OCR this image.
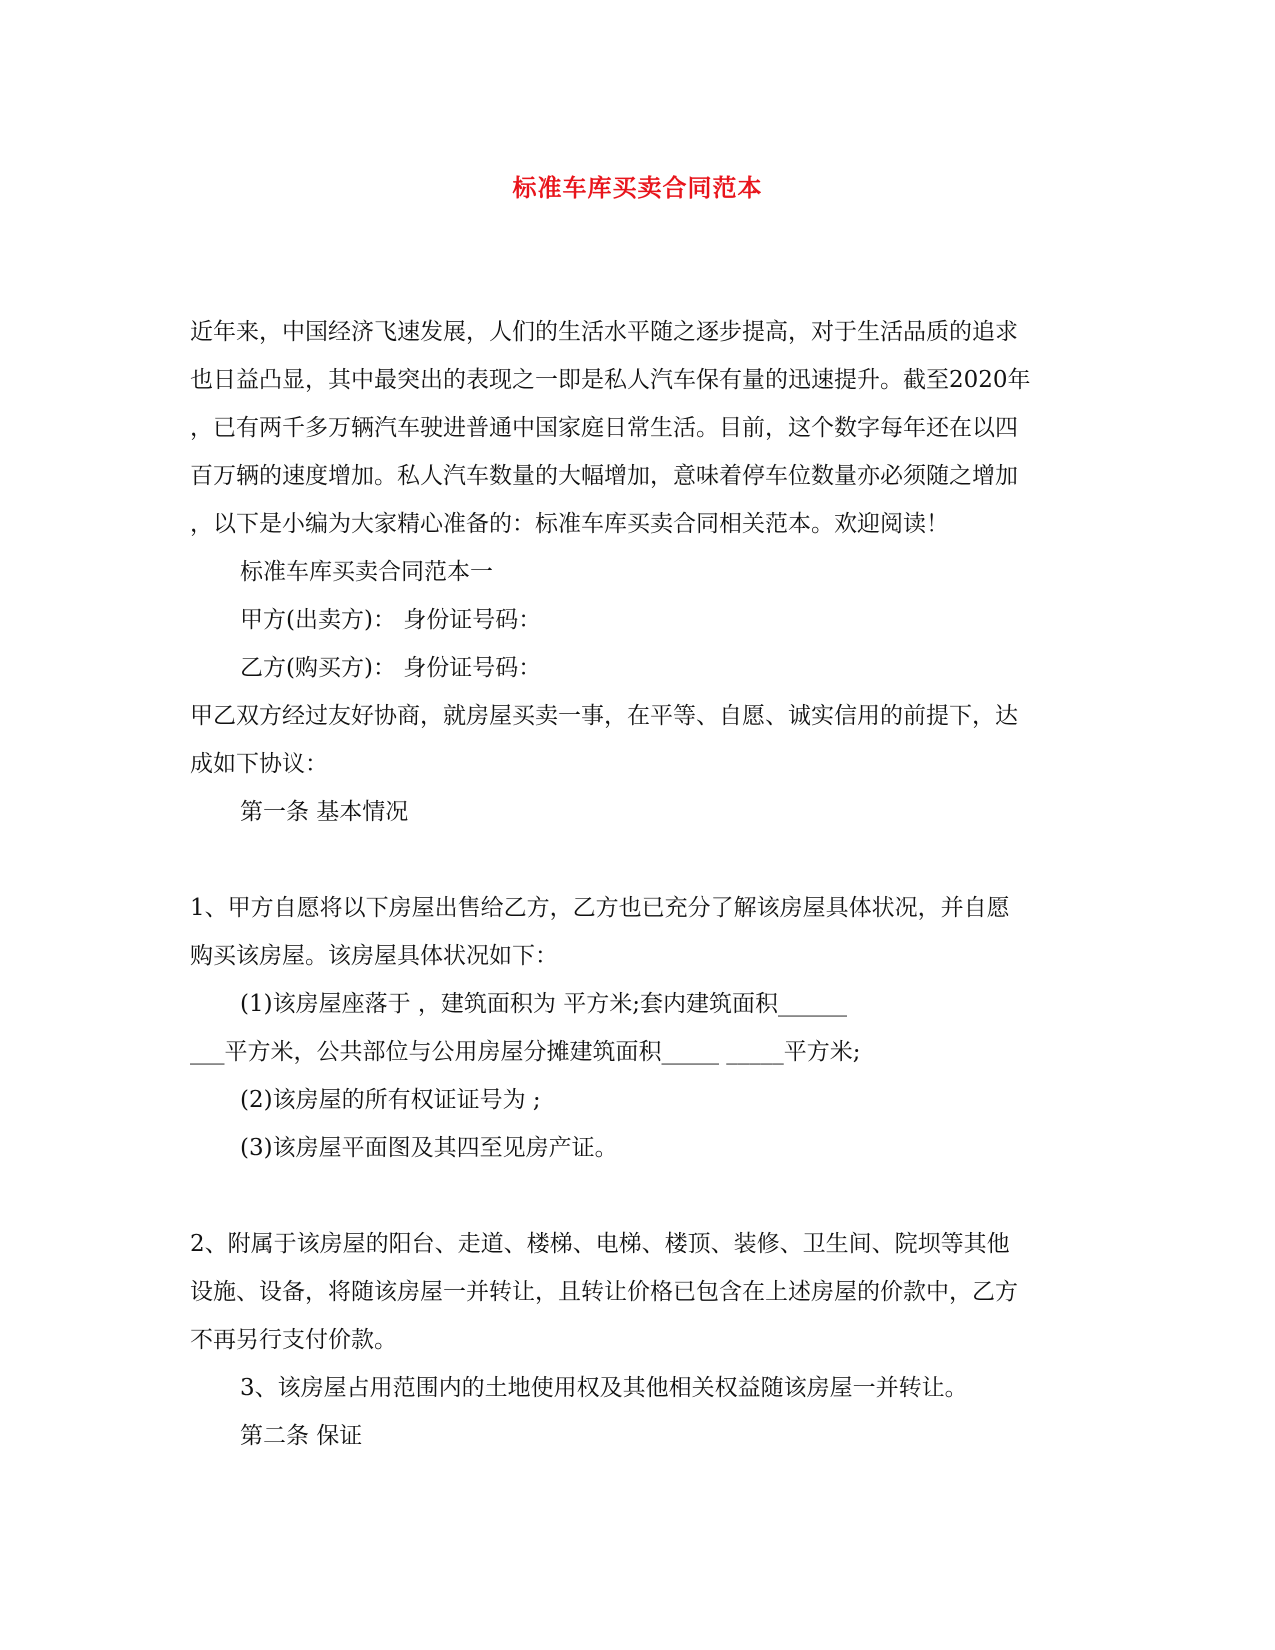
标准车库买卖合同范本
近年来，中国经济飞速发展，人们的生活水平随之逐步提高，对于生活品质的追求
也日益凸显，其中最突出的表现之一即是私人汽车保有量的迅速提升。截至2020年
，已有两千多万辆汽车驶进普通中国家庭日常生活。目前，这个数字每年还在以四
百万辆的速度增加。私人汽车数量的大幅增加，意味着停车位数量亦必须随之增加
，以下是小编为大家精心准备的：标准车库买卖合同相关范本。欢迎阅读！
标准车库买卖合同范本一
甲方(出卖方)： 身份证号码：
乙方(购买方)： 身份证号码：
甲乙双方经过友好协商，就房屋买卖一事，在平等、自愿、诚实信用的前提下，达
成如下协议：
第一条 基本情况
1、甲方自愿将以下房屋出售给乙方，乙方也已充分了解该房屋具体状况，并自愿
购买该房屋。该房屋具体状况如下：
(1)该房屋座落于 ，建筑面积为 平方米;套内建筑面积______
___平方米，公共部位与公用房屋分摊建筑面积_____ _____平方米;
(2)该房屋的所有权证证号为 ;
(3)该房屋平面图及其四至见房产证。
2、附属于该房屋的阳台、走道、楼梯、电梯、楼顶、装修、卫生间、院坝等其他
设施、设备，将随该房屋一并转让，且转让价格已包含在上述房屋的价款中，乙方
不再另行支付价款。
3、该房屋占用范围内的土地使用权及其他相关权益随该房屋一并转让。
第二条 保证
